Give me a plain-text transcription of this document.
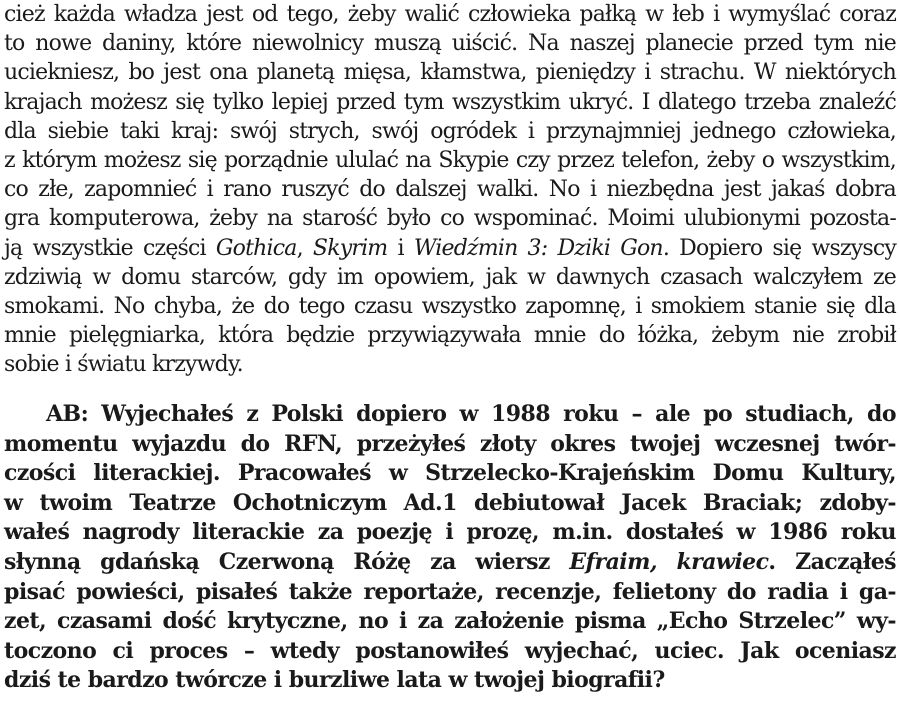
cież każda władza jest od tego, żeby walić człowieka pałką w łeb i wymyślać coraz
to nowe daniny, które niewolnicy muszą uiścić. Na naszej planecie przed tym nie
uciekniesz, bo jest ona planetą mięsa, kłamstwa, pieniędzy i strachu. W niektórych
krajach możesz się tylko lepiej przed tym wszystkim ukryć. I dlatego trzeba znaleźć
dla siebie taki kraj: swój strych, swój ogródek i przynajmniej jednego człowieka,
z którym możesz się porządnie ululać na Skypie czy przez telefon, żeby o wszystkim,
co złe, zapomnieć i rano ruszyć do dalszej walki. No i niezbędna jest jakaś dobra
gra komputerowa, żeby na starość było co wspominać. Moimi ulubionymi pozosta-
ją wszystkie części Gothica, Skyrim i Wiedźmin 3: Dziki Gon. Dopiero się wszyscy
zdziwią w domu starców, gdy im opowiem, jak w dawnych czasach walczyłem ze
smokami. No chyba, że do tego czasu wszystko zapomnę, i smokiem stanie się dla
mnie pielęgniarka, która będzie przywiązywała mnie do łóżka, żebym nie zrobił
sobie i światu krzywdy.
AB: Wyjechałeś z Polski dopiero w 1988 roku – ale po studiach, do
momentu wyjazdu do RFN, przeżyłeś złoty okres twojej wczesnej twór-
czości literackiej. Pracowałeś w Strzelecko-Krajeńskim Domu Kultury,
w twoim Teatrze Ochotniczym Ad.1 debiutował Jacek Braciak; zdoby-
wałeś nagrody literackie za poezję i prozę, m.in. dostałeś w 1986 roku
słynną gdańską Czerwoną Różę za wiersz Efraim, krawiec. Zacząłeś
pisać powieści, pisałeś także reportaże, recenzje, felietony do radia i ga-
zet, czasami dość krytyczne, no i za założenie pisma „Echo Strzelec” wy-
toczono ci proces – wtedy postanowiłeś wyjechać, uciec. Jak oceniasz
dziś te bardzo twórcze i burzliwe lata w twojej biografii?
